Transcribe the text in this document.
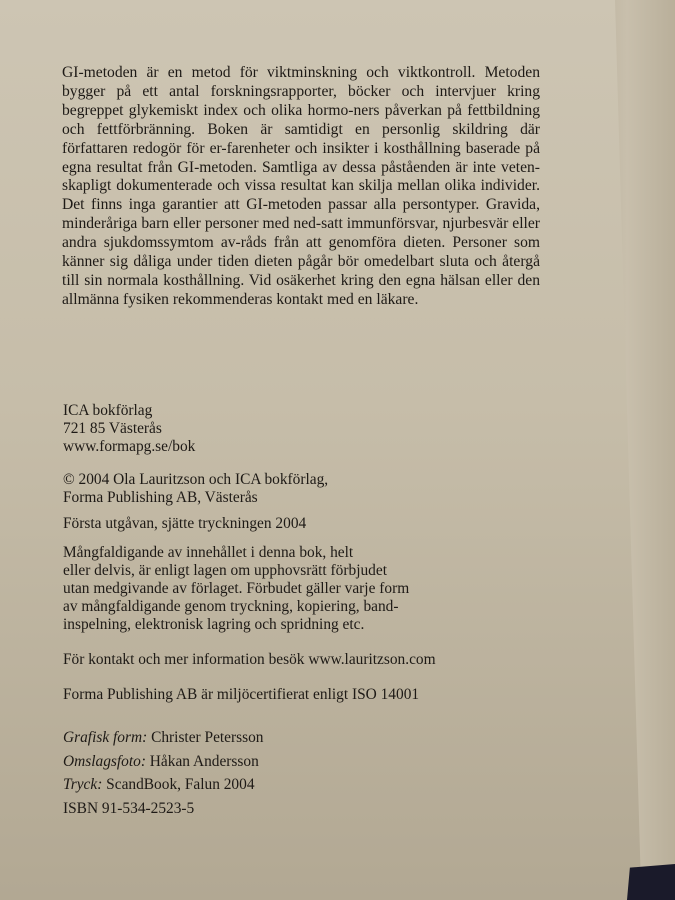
GI-metoden är en metod för viktminskning och viktkontroll. Metoden bygger på ett antal forskningsrapporter, böcker och intervjuer kring begreppet glykemiskt index och olika hormo-ners påverkan på fettbildning och fettförbränning. Boken är samtidigt en personlig skildring där författaren redogör för er-farenheter och insikter i kosthållning baserade på egna resultat från GI-metoden. Samtliga av dessa påståenden är inte veten-skapligt dokumenterade och vissa resultat kan skilja mellan olika individer. Det finns inga garantier att GI-metoden passar alla persontyper. Gravida, minderåriga barn eller personer med ned-satt immunförsvar, njurbesvär eller andra sjukdomssymtom av-råds från att genomföra dieten. Personer som känner sig dåliga under tiden dieten pågår bör omedelbart sluta och återgå till sin normala kosthållning. Vid osäkerhet kring den egna hälsan eller den allmänna fysiken rekommenderas kontakt med en läkare.
ICA bokförlag
721 85 Västerås
www.formapg.se/bok
© 2004 Ola Lauritzson och ICA bokförlag,
Forma Publishing AB, Västerås
Första utgåvan, sjätte tryckningen 2004
Mångfaldigande av innehållet i denna bok, helt
eller delvis, är enligt lagen om upphovsrätt förbjudet
utan medgivande av förlaget. Förbudet gäller varje form
av mångfaldigande genom tryckning, kopiering, band-
inspelning, elektronisk lagring och spridning etc.
För kontakt och mer information besök www.lauritzson.com
Forma Publishing AB är miljöcertifierat enligt ISO 14001
Grafisk form: Christer Petersson
Omslagsfoto: Håkan Andersson
Tryck: ScandBook, Falun 2004
ISBN 91-534-2523-5
